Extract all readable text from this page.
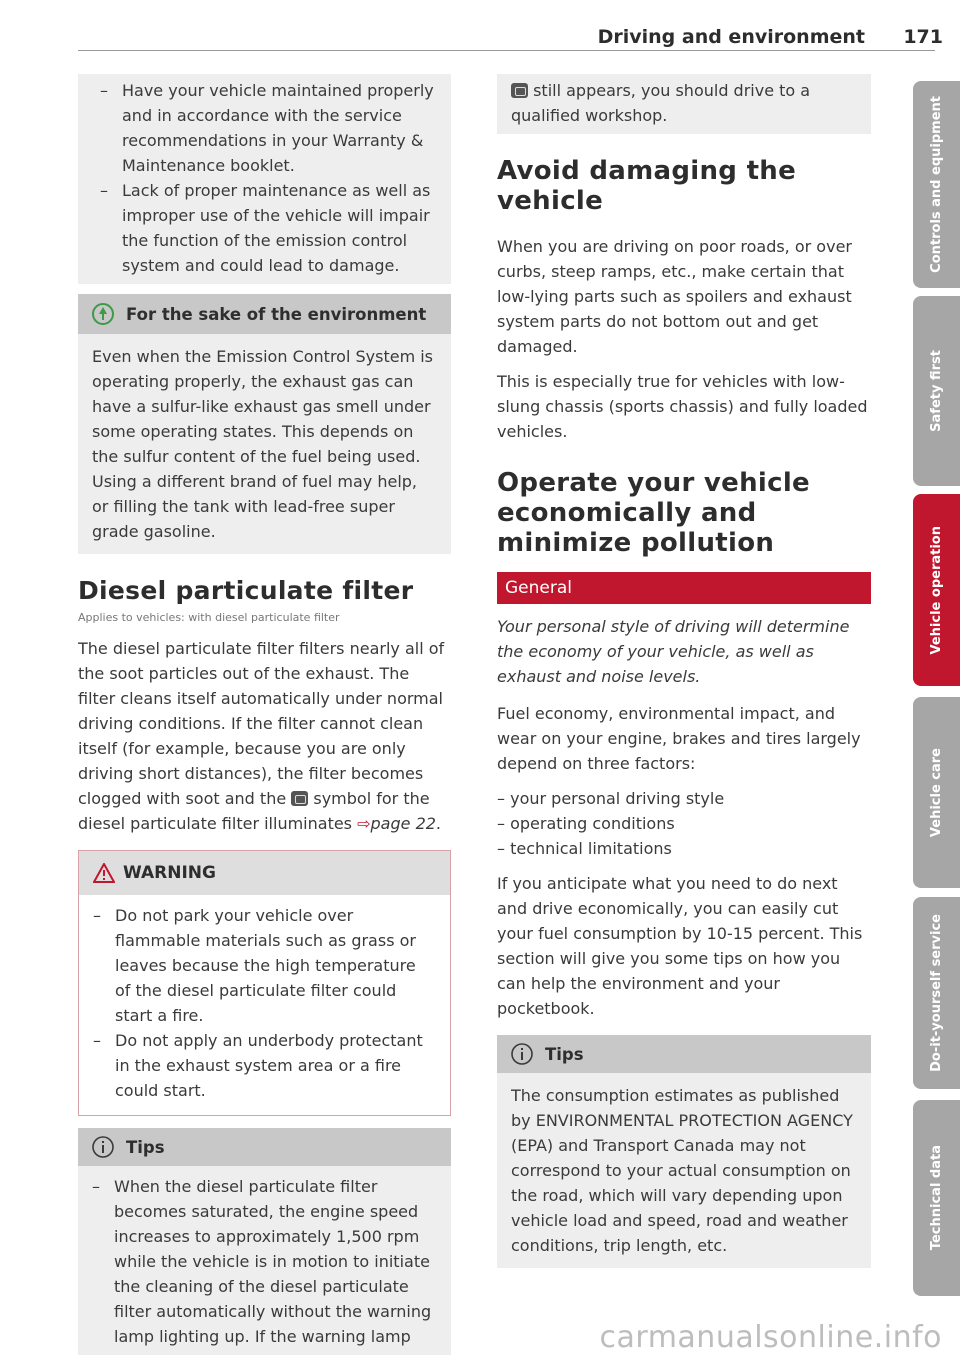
Driving and environment 171
– Have your vehicle maintained properly and in accordance with the service recommendations in your Warranty & Maintenance booklet.
– Lack of proper maintenance as well as improper use of the vehicle will impair the function of the emission control system and could lead to damage.
For the sake of the environment

Even when the Emission Control System is operating properly, the exhaust gas can have a sulfur-like exhaust gas smell under some operating states. This depends on the sulfur content of the fuel being used. Using a different brand of fuel may help, or filling the tank with lead-free super grade gasoline.

Diesel particulate filter
Applies to vehicles: with diesel particulate filter

The diesel particulate filter filters nearly all of the soot particles out of the exhaust. The filter cleans itself automatically under normal driving conditions. If the filter cannot clean itself (for example, because you are only driving short distances), the filter becomes clogged with soot and the symbol for the diesel particulate filter illuminates ⇨page 22.

WARNING
– Do not park your vehicle over flammable materials such as grass or leaves because the high temperature of the diesel particulate filter could start a fire.
– Do not apply an underbody protectant in the exhaust system area or a fire could start.
Tips
– When the diesel particulate filter becomes saturated, the engine speed increases to approximately 1,500 rpm while the vehicle is in motion to initiate the cleaning of the diesel particulate filter automatically without the warning lamp lighting up. If the warning lamp

still appears, you should drive to a qualified workshop.

Avoid damaging the vehicle

When you are driving on poor roads, or over curbs, steep ramps, etc., make certain that low-lying parts such as spoilers and exhaust system parts do not bottom out and get damaged.

This is especially true for vehicles with low-slung chassis (sports chassis) and fully loaded vehicles.

Operate your vehicle economically and minimize pollution
General

Your personal style of driving will determine the economy of your vehicle, as well as exhaust and noise levels.

Fuel economy, environmental impact, and wear on your engine, brakes and tires largely depend on three factors:

– your personal driving style
– operating conditions
– technical limitations

If you anticipate what you need to do next and drive economically, you can easily cut your fuel consumption by 10-15 percent. This section will give you some tips on how you can help the environment and your pocketbook.

Tips

The consumption estimates as published by ENVIRONMENTAL PROTECTION AGENCY (EPA) and Transport Canada may not correspond to your actual consumption on the road, which will vary depending upon vehicle load and speed, road and weather conditions, trip length, etc.

Controls and equipment
Safety first
Vehicle operation
Vehicle care
Do-it-yourself service
Technical data
carmanualsonline.info
